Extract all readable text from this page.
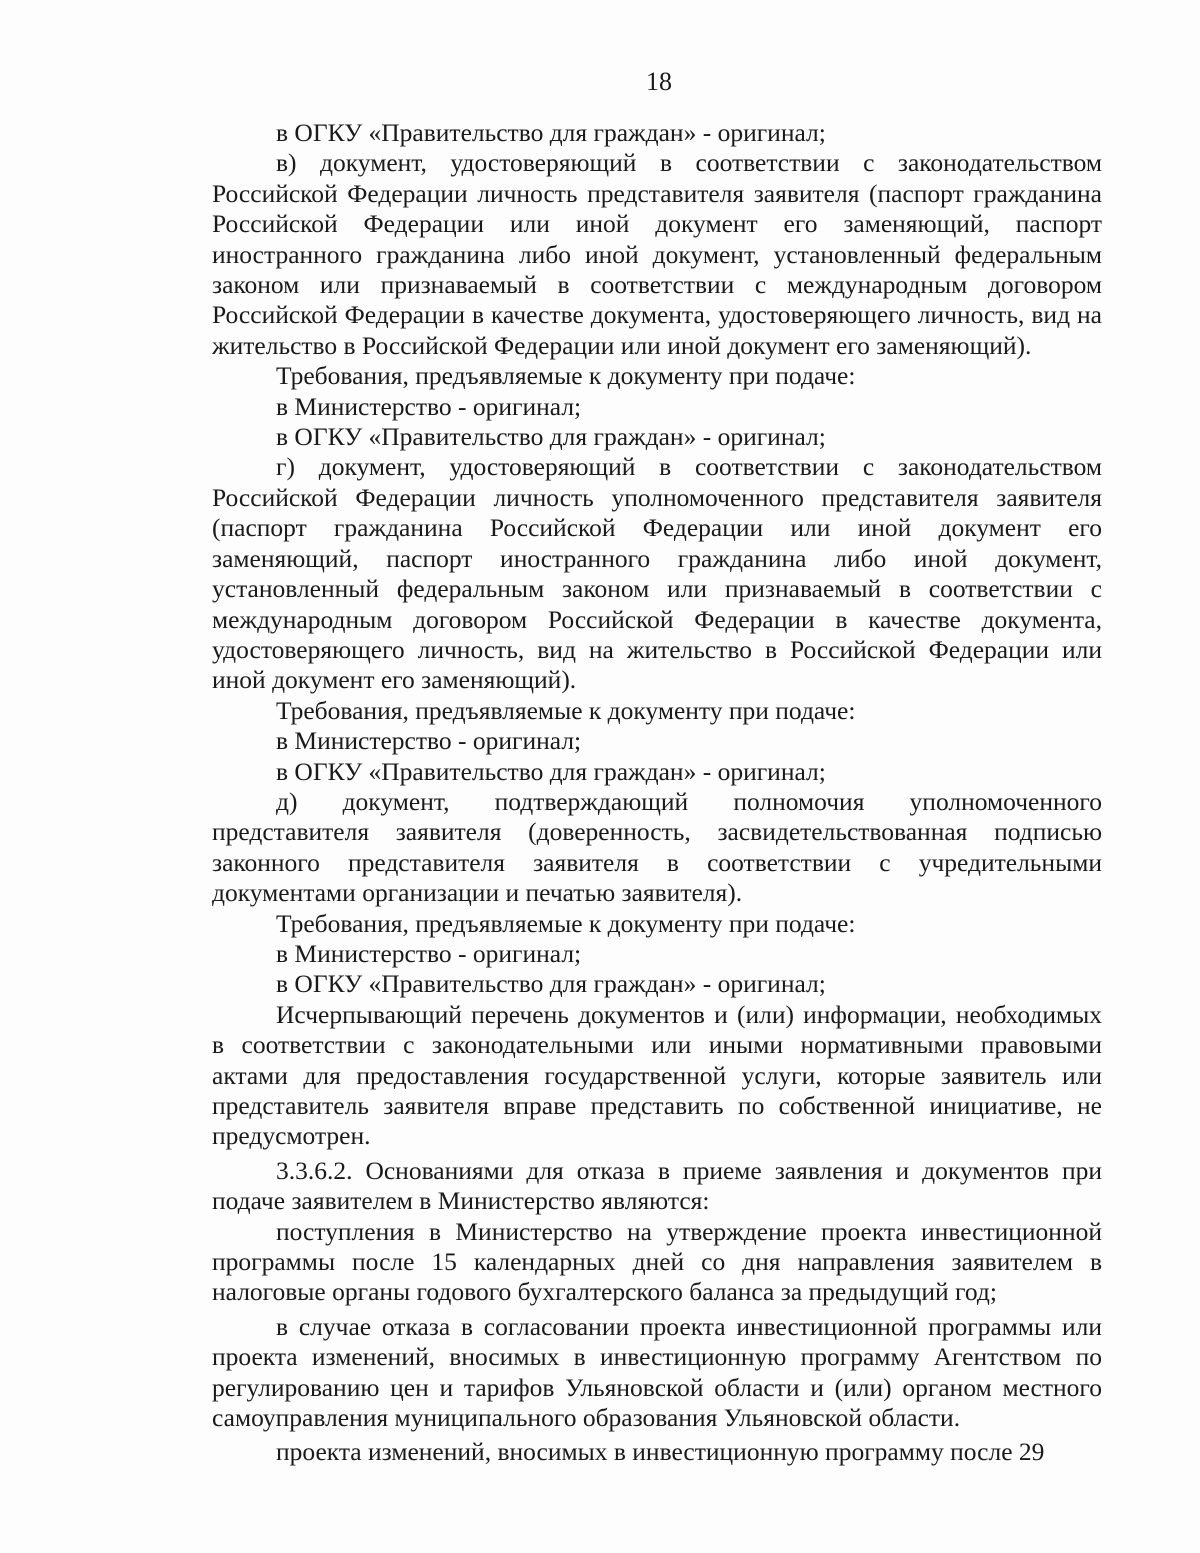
18

в ОГКУ «Правительство для граждан» - оригинал;

в) документ, удостоверяющий в соответствии с законодательством Российской Федерации личность представителя заявителя (паспорт гражданина Российской Федерации или иной документ его заменяющий, паспорт иностранного гражданина либо иной документ, установленный федеральным законом или признаваемый в соответствии с международным договором Российской Федерации в качестве документа, удостоверяющего личность, вид на жительство в Российской Федерации или иной документ его заменяющий).

Требования, предъявляемые к документу при подаче:

в Министерство - оригинал;

в ОГКУ «Правительство для граждан» - оригинал;

г) документ, удостоверяющий в соответствии с законодательством Российской Федерации личность уполномоченного представителя заявителя (паспорт гражданина Российской Федерации или иной документ его заменяющий, паспорт иностранного гражданина либо иной документ, установленный федеральным законом или признаваемый в соответствии с международным договором Российской Федерации в качестве документа, удостоверяющего личность, вид на жительство в Российской Федерации или иной документ его заменяющий).

Требования, предъявляемые к документу при подаче:

в Министерство - оригинал;

в ОГКУ «Правительство для граждан» - оригинал;

д) документ, подтверждающий полномочия уполномоченного представителя заявителя (доверенность, засвидетельствованная подписью законного представителя заявителя в соответствии с учредительными документами организации и печатью заявителя).

Требования, предъявляемые к документу при подаче:

в Министерство - оригинал;

в ОГКУ «Правительство для граждан» - оригинал;

Исчерпывающий перечень документов и (или) информации, необходимых в соответствии с законодательными или иными нормативными правовыми актами для предоставления государственной услуги, которые заявитель или представитель заявителя вправе представить по собственной инициативе, не предусмотрен.

3.3.6.2. Основаниями для отказа в приеме заявления и документов при подаче заявителем в Министерство являются:

поступления в Министерство на утверждение проекта инвестиционной программы после 15 календарных дней со дня направления заявителем в налоговые органы годового бухгалтерского баланса за предыдущий год;

в случае отказа в согласовании проекта инвестиционной программы или проекта изменений, вносимых в инвестиционную программу Агентством по регулированию цен и тарифов Ульяновской области и (или) органом местного самоуправления муниципального образования Ульяновской области.

проекта изменений, вносимых в инвестиционную программу после 29
